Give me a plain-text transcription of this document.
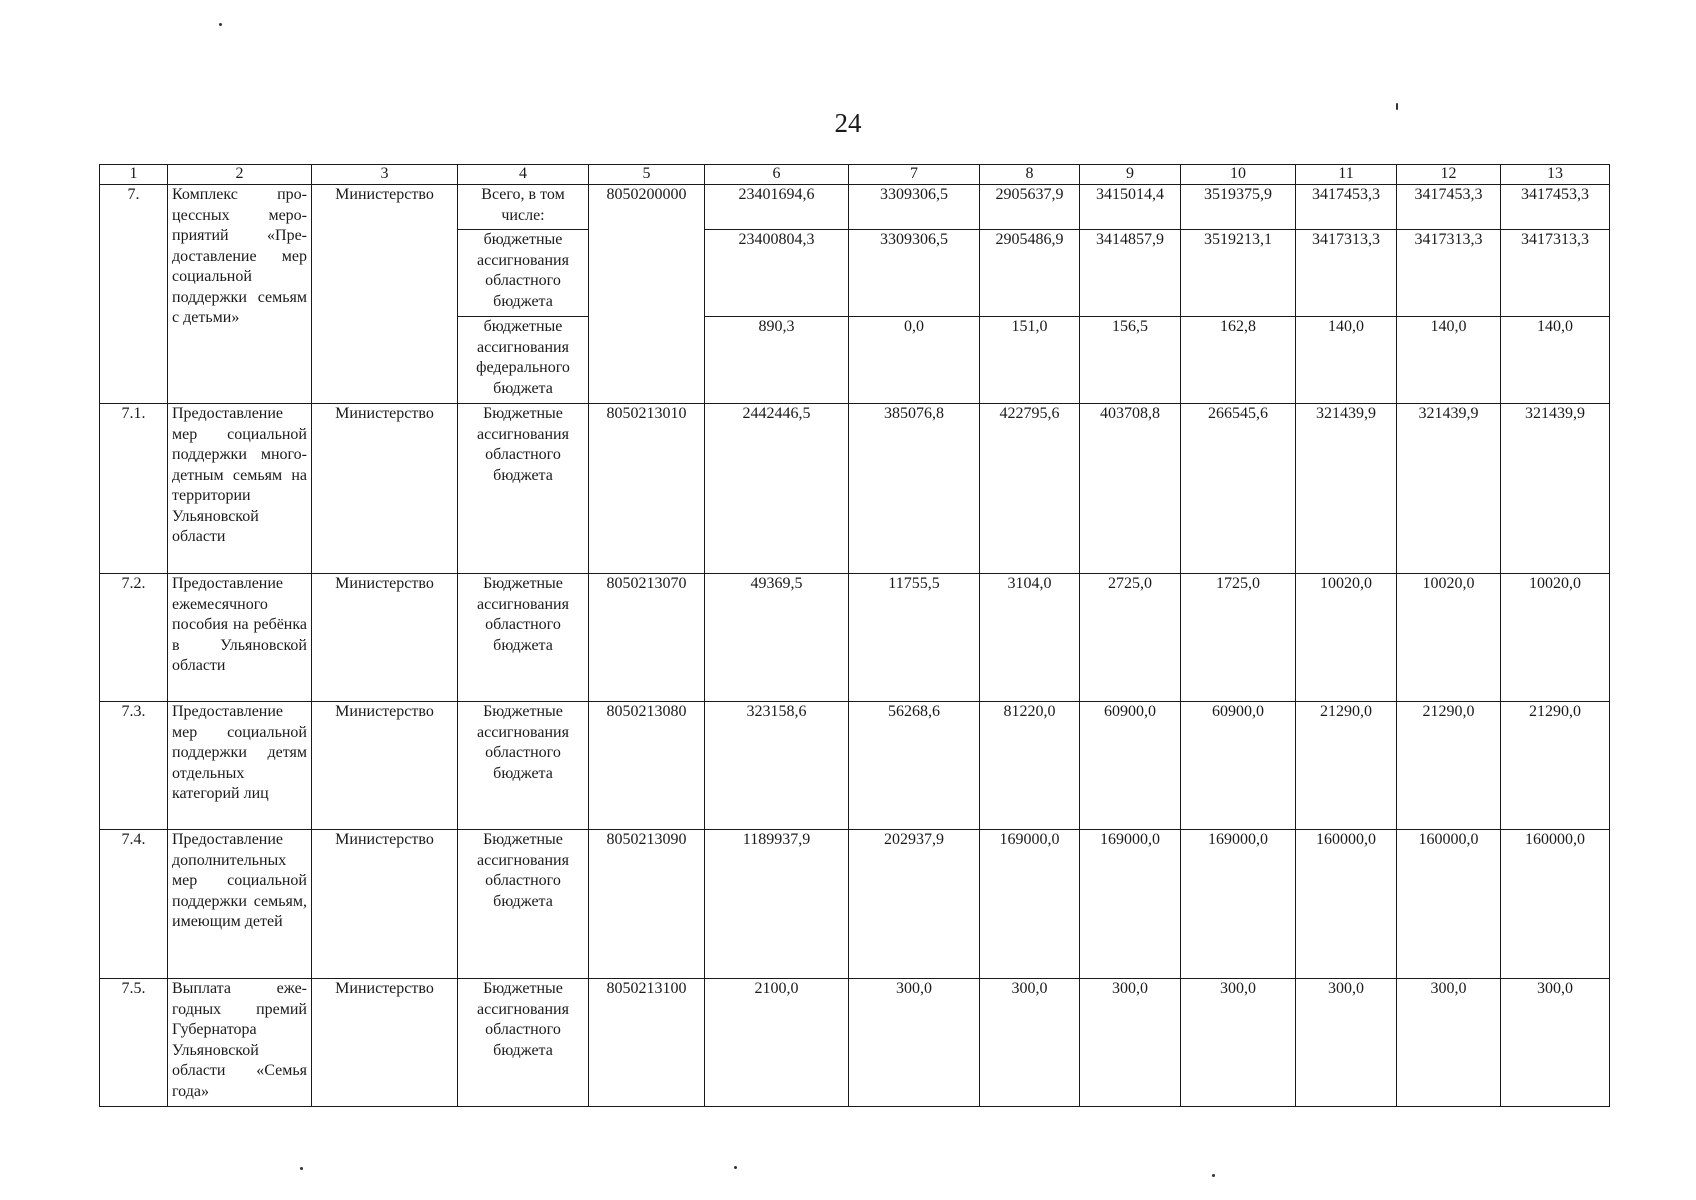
24
1	2	3	4	5	6	7	8	9	10	11	12	13
7.	Комплекс процессных мероприятий «Предоставление мер социальной поддержки семьям с детьми»	Министерство	Всего, в том числе:	8050200000	23401694,6	3309306,5	2905637,9	3415014,4	3519375,9	3417453,3	3417453,3	3417453,3
			бюджетные ассигнования областного бюджета		23400804,3	3309306,5	2905486,9	3414857,9	3519213,1	3417313,3	3417313,3	3417313,3
			бюджетные ассигнования федерального бюджета		890,3	0,0	151,0	156,5	162,8	140,0	140,0	140,0
7.1.	Предоставление мер социальной поддержки многодетным семьям на территории Ульяновской области	Министерство	Бюджетные ассигнования областного бюджета	8050213010	2442446,5	385076,8	422795,6	403708,8	266545,6	321439,9	321439,9	321439,9
7.2.	Предоставление ежемесячного пособия на ребёнка в Ульяновской области	Министерство	Бюджетные ассигнования областного бюджета	8050213070	49369,5	11755,5	3104,0	2725,0	1725,0	10020,0	10020,0	10020,0
7.3.	Предоставление мер социальной поддержки детям отдельных категорий лиц	Министерство	Бюджетные ассигнования областного бюджета	8050213080	323158,6	56268,6	81220,0	60900,0	60900,0	21290,0	21290,0	21290,0
7.4.	Предоставление дополнительных мер социальной поддержки семьям, имеющим детей	Министерство	Бюджетные ассигнования областного бюджета	8050213090	1189937,9	202937,9	169000,0	169000,0	169000,0	160000,0	160000,0	160000,0
7.5.	Выплата ежегодных премий Губернатора Ульяновской области «Семья года»	Министерство	Бюджетные ассигнования областного бюджета	8050213100	2100,0	300,0	300,0	300,0	300,0	300,0	300,0	300,0
